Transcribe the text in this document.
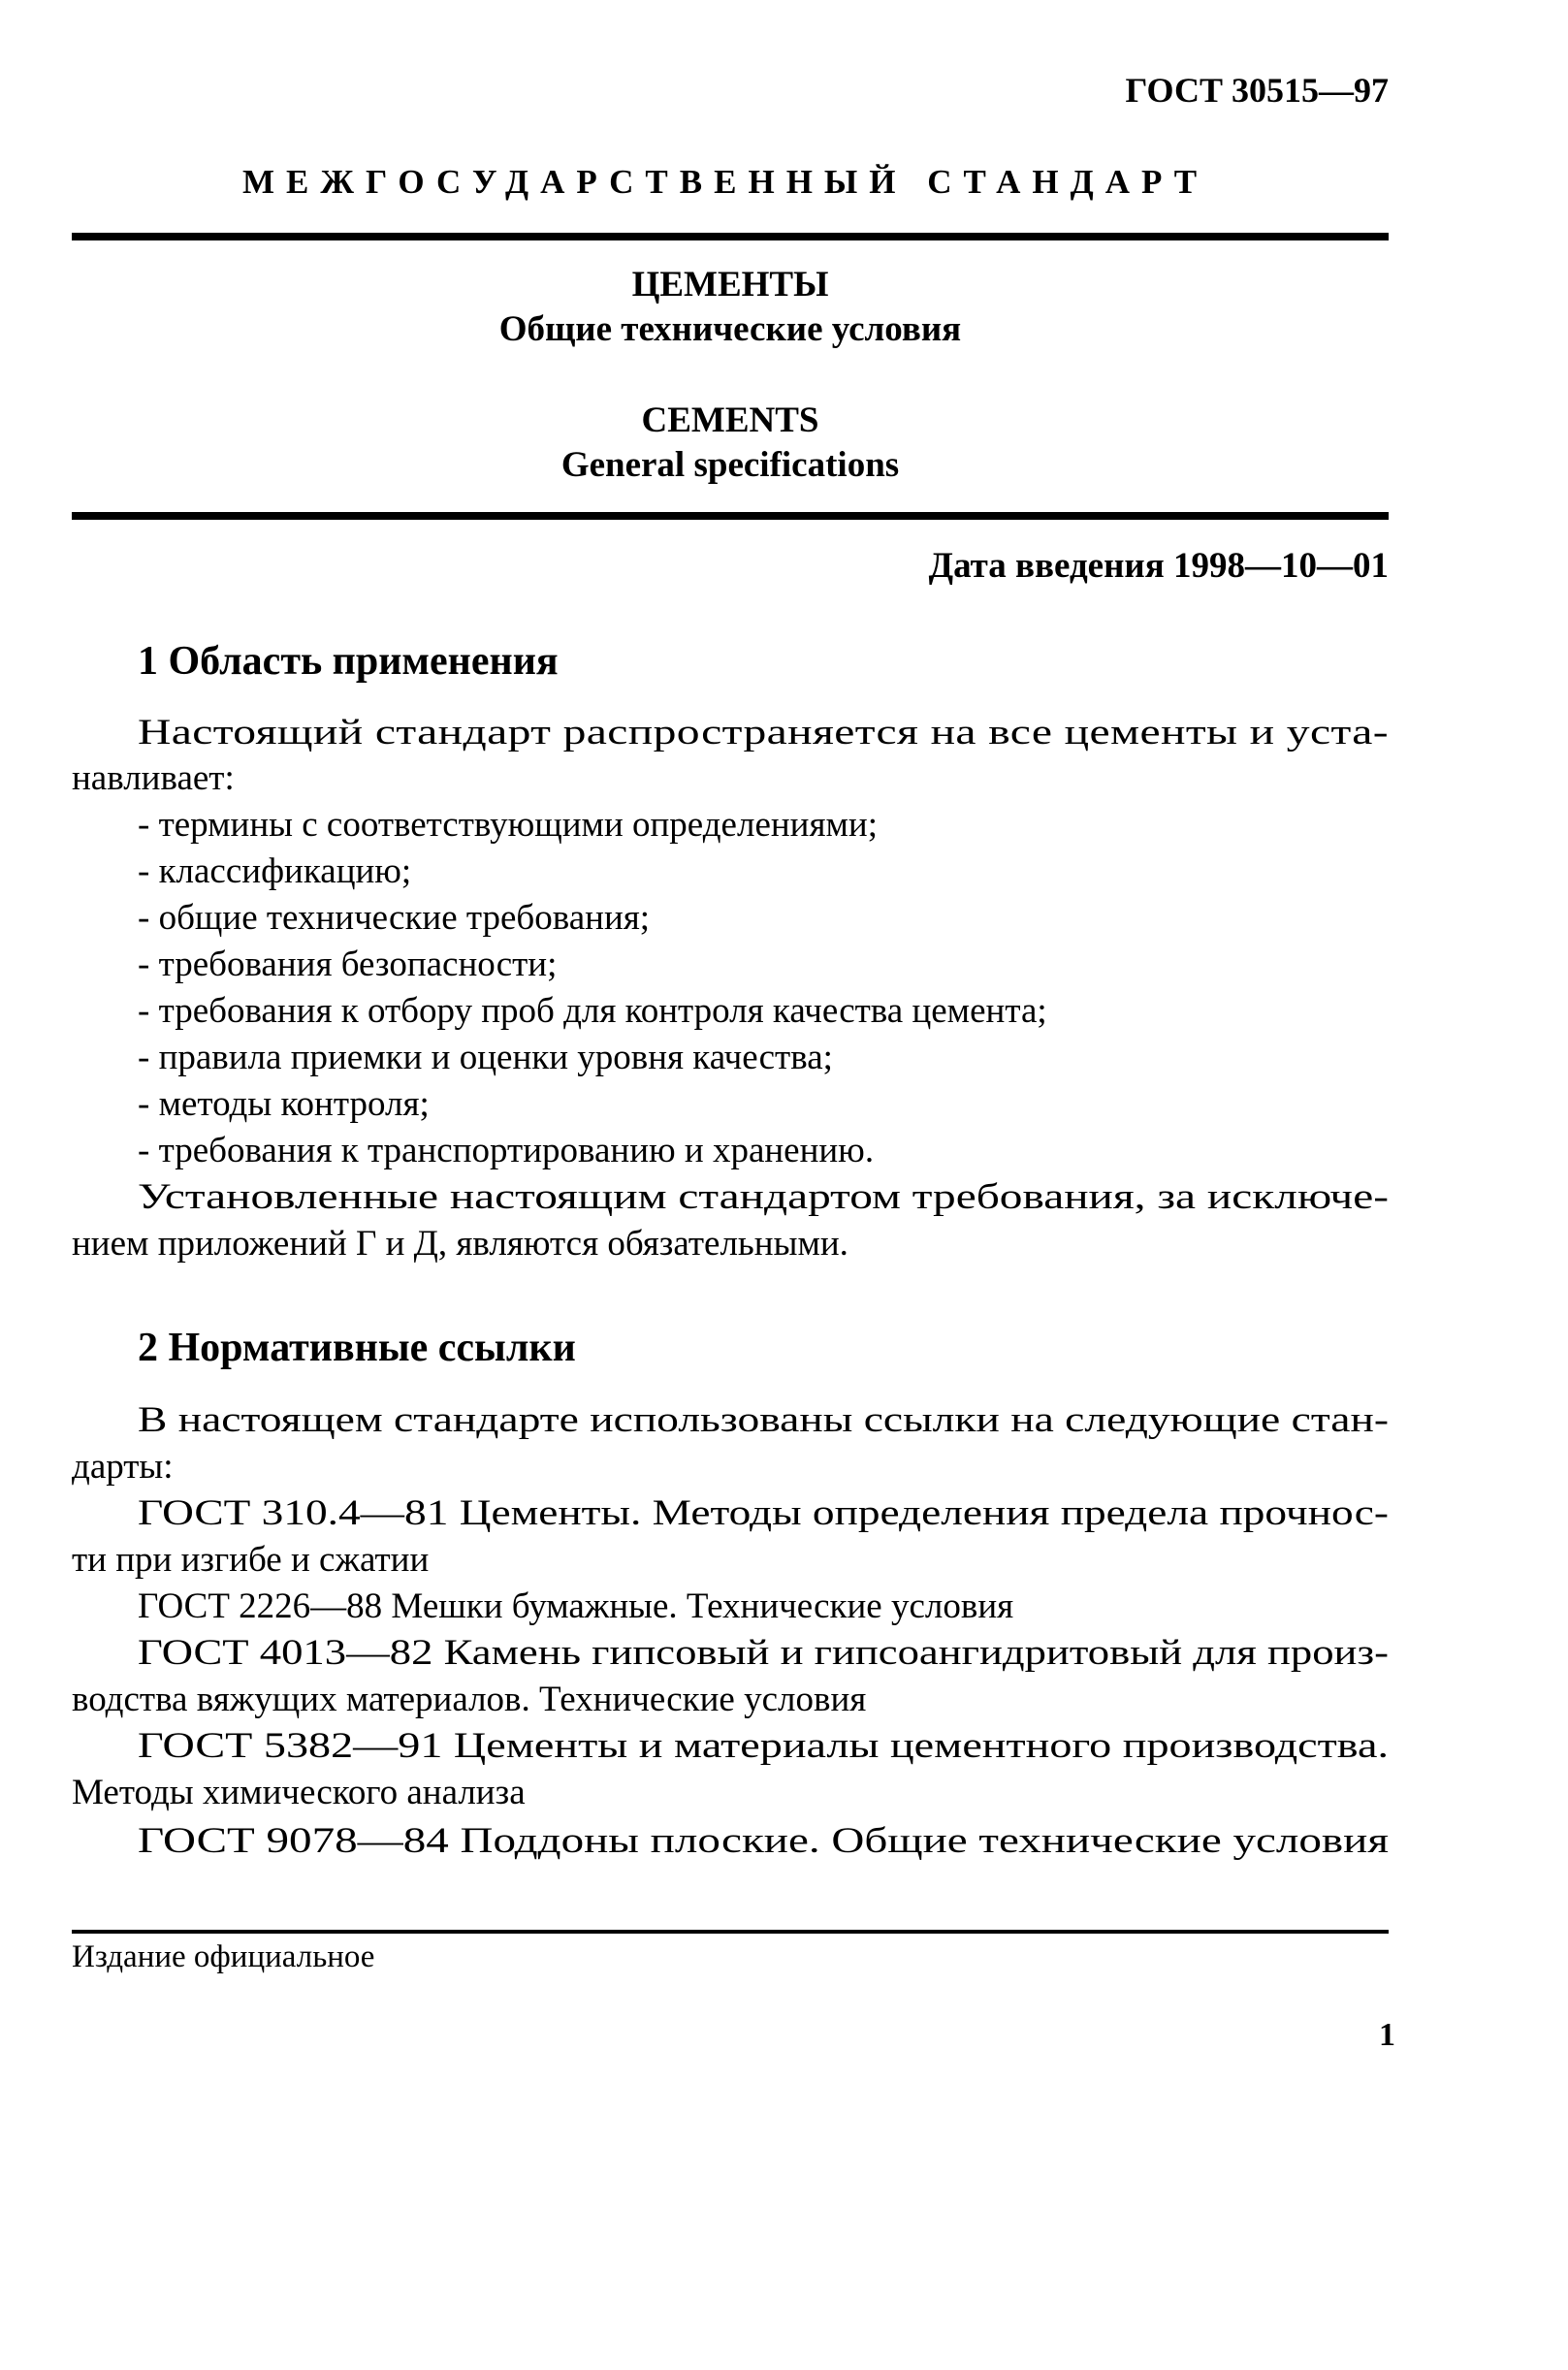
ГОСТ 30515—97
МЕЖГОСУДАРСТВЕННЫЙ СТАНДАРТ
ЦЕМЕНТЫ
Общие технические условия
CEMENTS
General specifications
Дата введения 1998—10—01
1 Область применения
Настоящий стандарт распространяется на все цементы и уста-
навливает:
- термины с соответствующими определениями;
- классификацию;
- общие технические требования;
- требования безопасности;
- требования к отбору проб для контроля качества цемента;
- правила приемки и оценки уровня качества;
- методы контроля;
- требования к транспортированию и хранению.
Установленные настоящим стандартом требования, за исключе-
нием приложений Г и Д, являются обязательными.
2 Нормативные ссылки
В настоящем стандарте использованы ссылки на следующие стан-
дарты:
ГОСТ 310.4—81 Цементы. Методы определения предела прочнос-
ти при изгибе и сжатии
ГОСТ 2226—88 Мешки бумажные. Технические условия
ГОСТ 4013—82 Камень гипсовый и гипсоангидритовый для произ-
водства вяжущих материалов. Технические условия
ГОСТ 5382—91 Цементы и материалы цементного производства.
Методы химического анализа
ГОСТ 9078—84 Поддоны плоские. Общие технические условия
Издание официальное
1
